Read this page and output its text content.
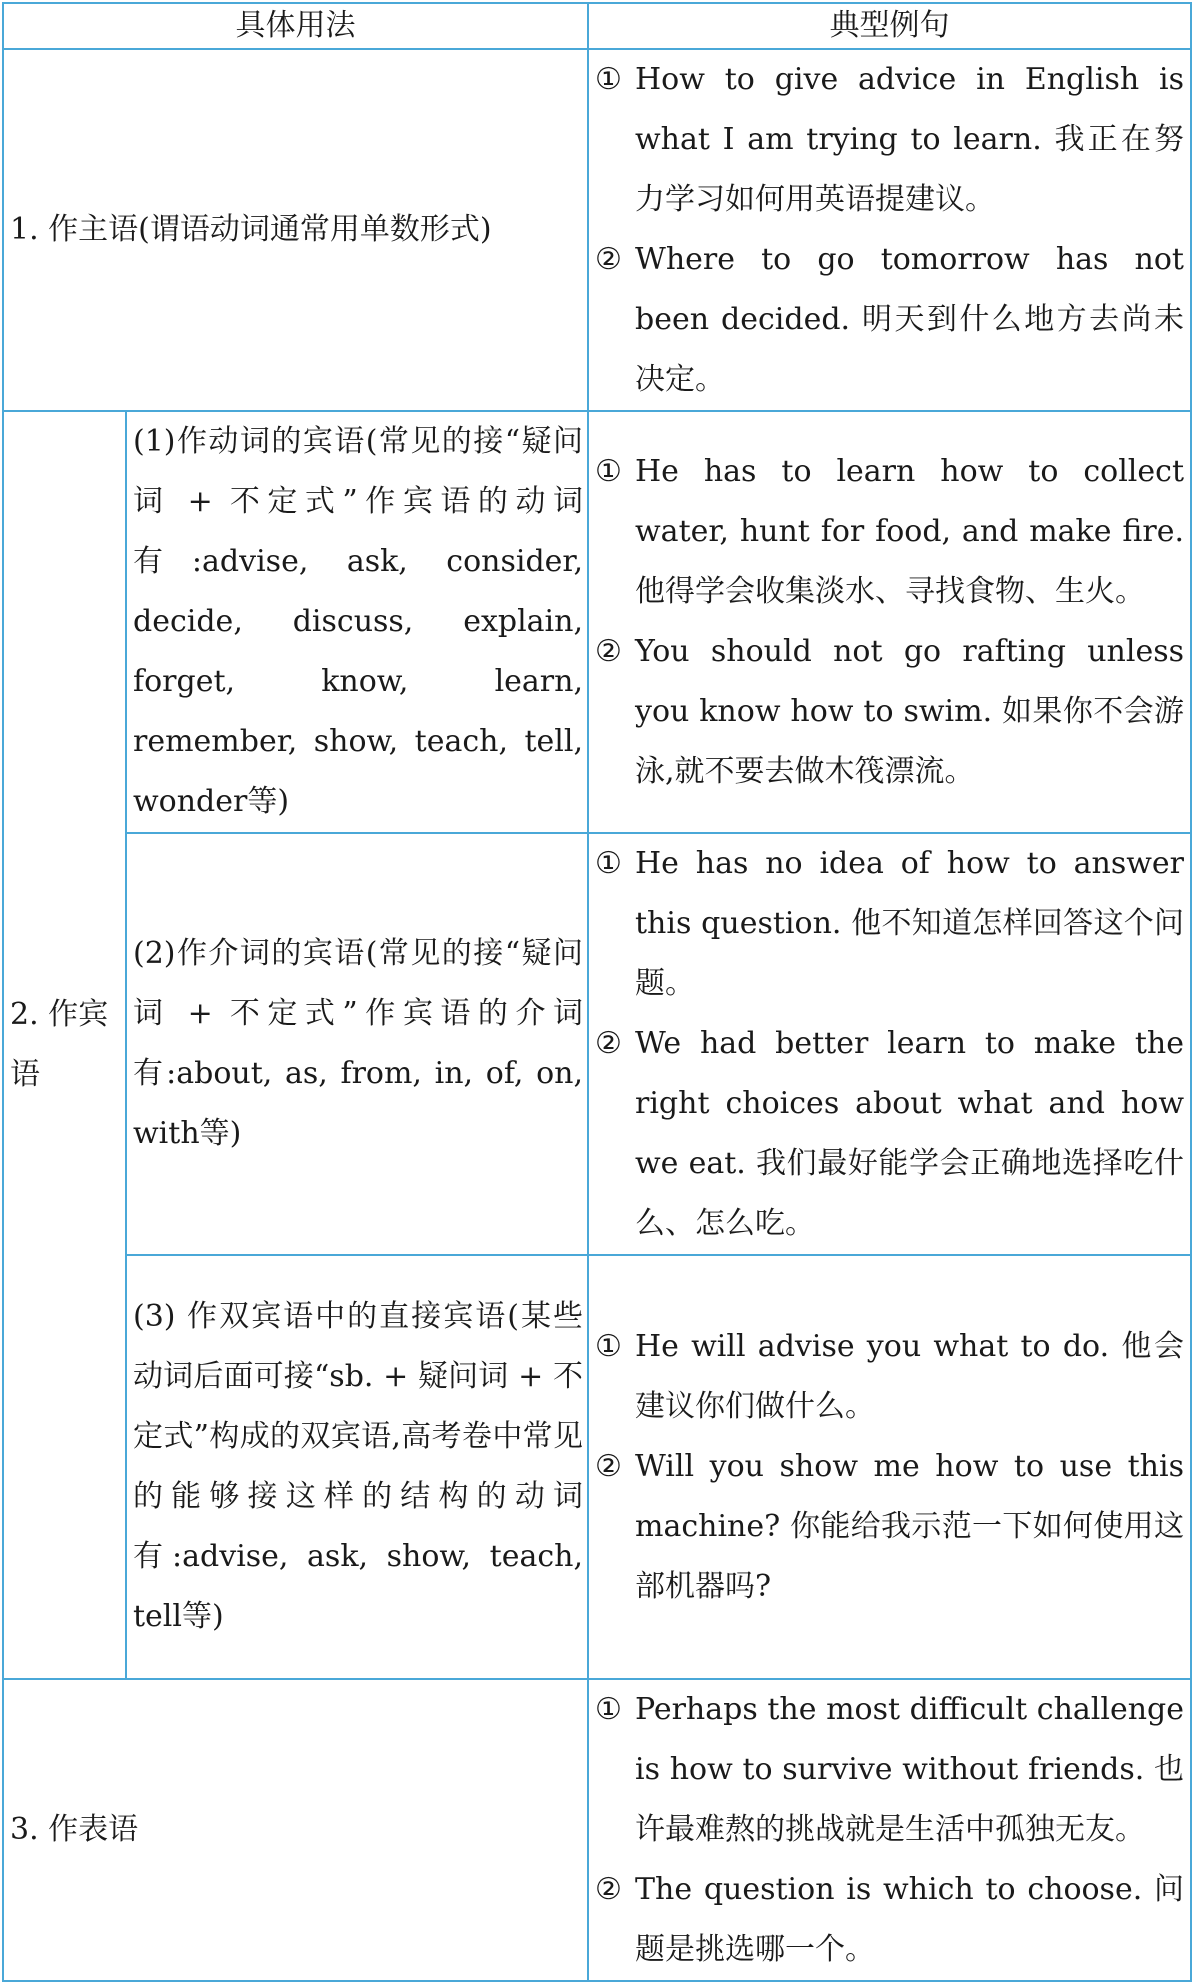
具体用法		典型例句
1. 作主语(谓语动词通常用单数形式)		① How to give advice in English is what I am trying to learn. 我正在努力学习如何用英语提建议。

② Where to go tomorrow has not been decided. 明天到什么地方去尚未决定。

2. 作宾语	(1)作动词的宾语(常见的接“疑问词 + 不定式”作宾语的动词有:advise, ask, consider, decide, discuss, explain, forget, know, learn, remember, show, teach, tell, wonder等)	① He has to learn how to collect water, hunt for food, and make fire. 他得学会收集淡水、寻找食物、生火。

② You should not go rafting unless you know how to swim. 如果你不会游泳,就不要去做木筏漂流。

	(2)作介词的宾语(常见的接“疑问词 + 不定式”作宾语的介词有:about, as, from, in, of, on, with等)	① He has no idea of how to answer this question. 他不知道怎样回答这个问题。

② We had better learn to make the right choices about what and how we eat. 我们最好能学会正确地选择吃什么、怎么吃。

	(3) 作双宾语中的直接宾语(某些动词后面可接“sb. + 疑问词 + 不定式”构成的双宾语,高考卷中常见的能够接这样的结构的动词有:advise, ask, show, teach, tell等)	① He will advise you what to do. 他会建议你们做什么。

② Will you show me how to use this machine? 你能给我示范一下如何使用这部机器吗?

3. 作表语		① Perhaps the most difficult challenge is how to survive without friends. 也许最难熬的挑战就是生活中孤独无友。

② The question is which to choose. 问题是挑选哪一个。
